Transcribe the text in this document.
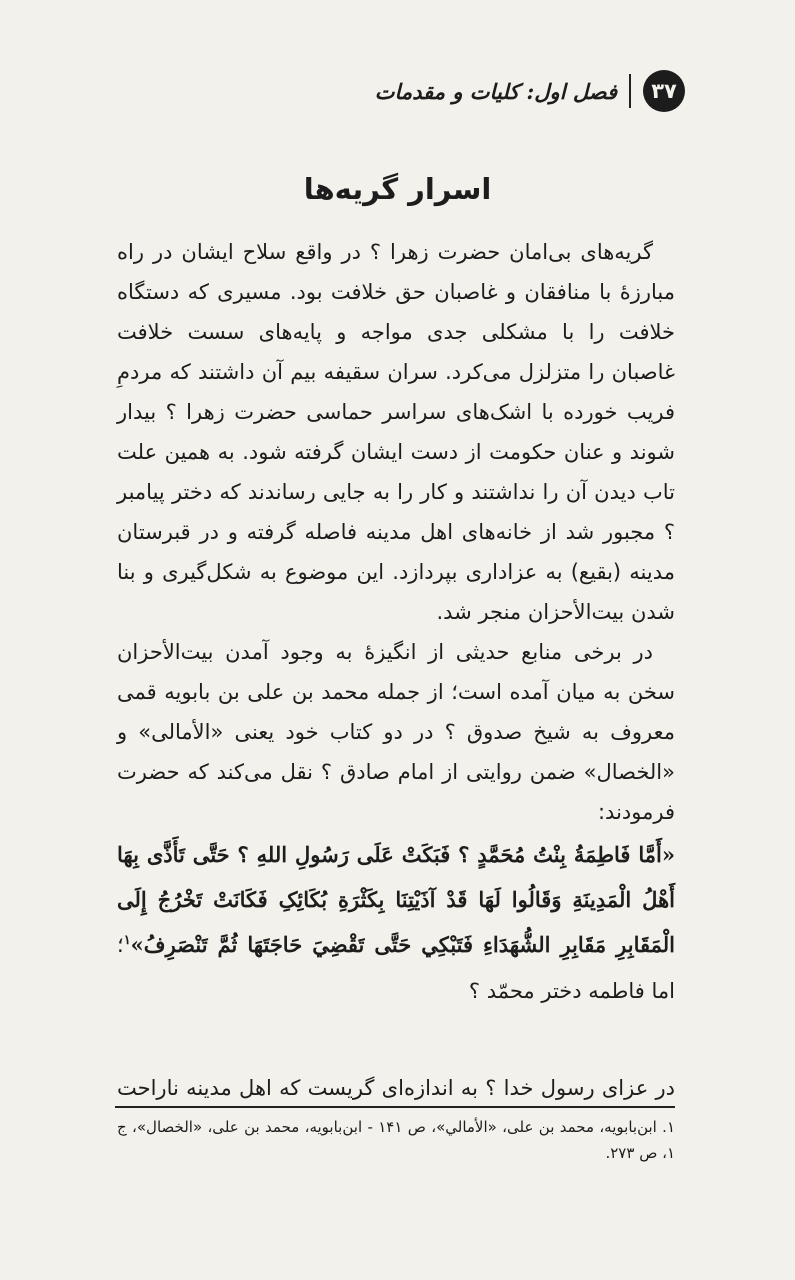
۳۷
فصل اول: کلیات و مقدمات
اسرار گریه‌ها

گریه‌های بی‌امان حضرت زهرا ؟ در واقع سلاح ایشان در راه مبارزهٔ با منافقان و غاصبان حق خلافت بود. مسیری که دستگاه خلافت را با مشکلی جدی مواجه و پایه‌های سست خلافت غاصبان را متزلزل می‌کرد. سران سقیفه بیم آن داشتند که مردمِ فریب خورده با اشک‌های سراسر حماسی حضرت زهرا ؟ بیدار شوند و عنان حکومت از دست ایشان گرفته شود. به همین علت تاب دیدن آن را نداشتند و کار را به جایی رساندند که دختر پیامبر ؟ مجبور شد از خانه‌های اهل مدینه فاصله گرفته و در قبرستان مدینه (بقیع) به عزاداری بپردازد. این موضوع به شکل‌گیری و بنا شدن بیت‌الأحزان منجر شد.

در برخی منابع حدیثی از انگیزهٔ به وجود آمدن بیت‌الأحزان سخن به میان آمده است؛ از جمله محمد بن علی بن بابویه قمی معروف به شیخ صدوق ؟ در دو کتاب خود یعنی «الأمالی» و «الخصال» ضمن روایتی از امام صادق ؟ نقل می‌کند که حضرت فرمودند:

«أَمَّا فَاطِمَةُ بِنْتُ مُحَمَّدٍ ؟ فَبَکَتْ عَلَى رَسُولِ اللهِ ؟ حَتَّى تَأَذَّى بِهَا أَهْلُ الْمَدِينَةِ وَقَالُوا لَهَا قَدْ آذَيْتِنَا بِكَثْرَةِ بُكَائِکِ فَكَانَتْ تَخْرُجُ إِلَى الْمَقَابِرِ مَقَابِرِ الشُّهَدَاءِ فَتَبْكِي حَتَّى تَقْضِيَ حَاجَتَهَا ثُمَّ تَنْصَرِفُ»$^۱$؛ اما فاطمه دختر محمّد ؟

در عزای رسول خدا ؟ به اندازه‌ای گریست که اهل مدینه ناراحت

۱. ابن‌بابویه، محمد بن علی، «الأمالي»، ص ۱۴۱ - ابن‌بابویه، محمد بن علی، «الخصال»، ج ۱، ص ۲۷۳.
